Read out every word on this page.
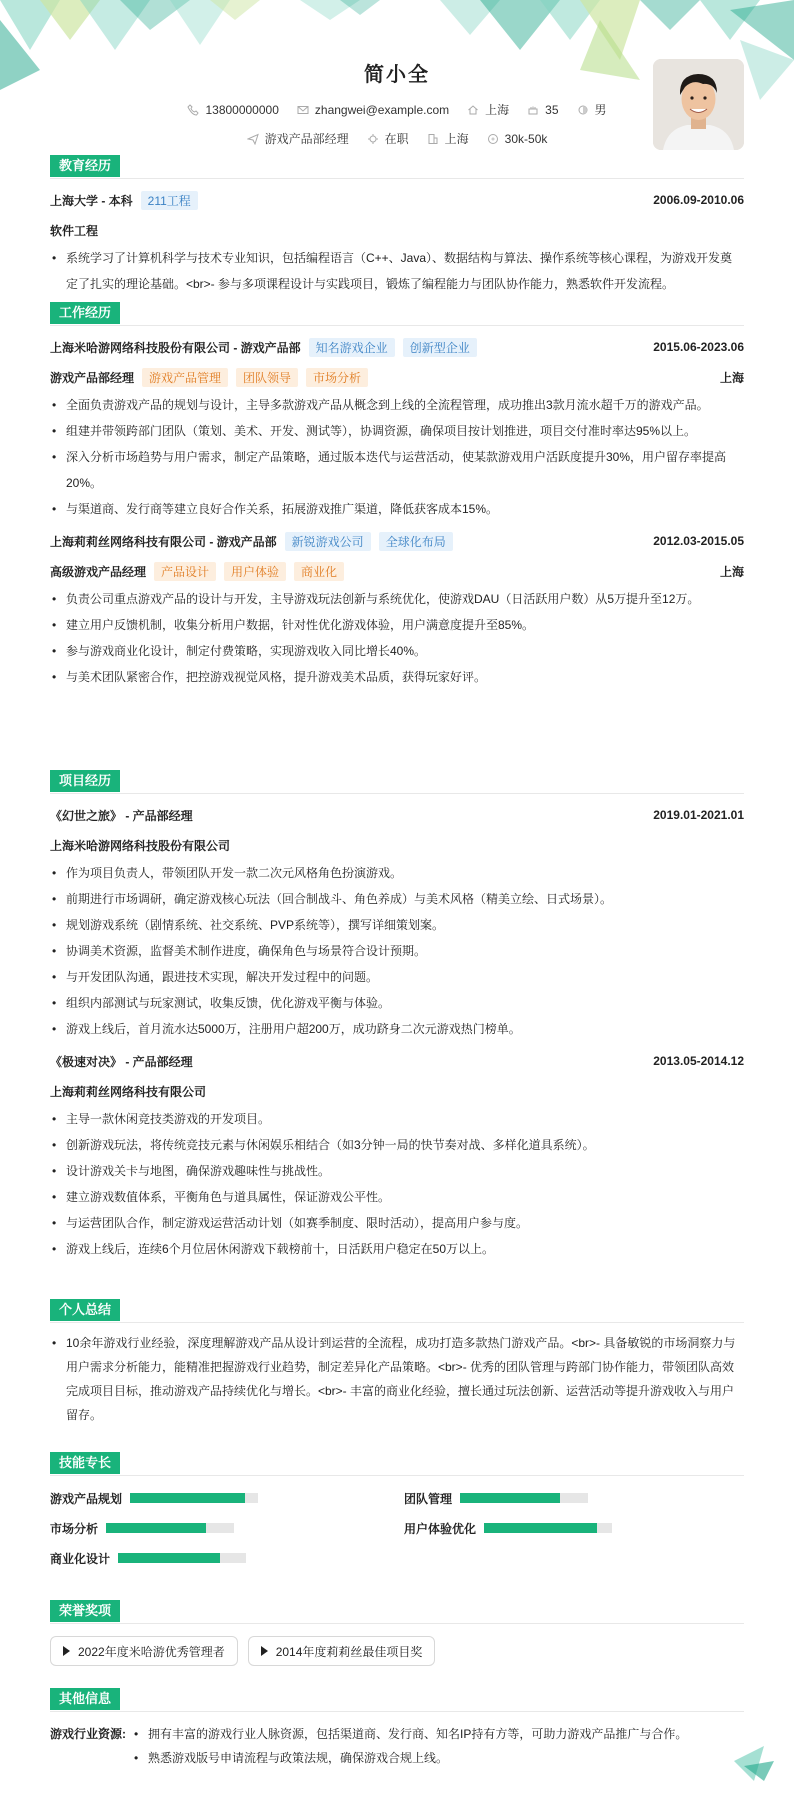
简小全
13800000000	zhangwei@example.com	上海	35	男
游戏产品部经理	在职	上海	30k-50k
教育经历
上海大学 - 本科	211工程	2006.09-2010.06
软件工程
• 系统学习了计算机科学与技术专业知识，包括编程语言（C++、Java）、数据结构与算法、操作系统等核心课程，为游戏开发奠定了扎实的理论基础。<br>- 参与多项课程设计与实践项目，锻炼了编程能力与团队协作能力，熟悉软件开发流程。
工作经历
上海米哈游网络科技股份有限公司 - 游戏产品部	知名游戏企业	创新型企业	2015.06-2023.06
游戏产品部经理	游戏产品管理	团队领导	市场分析	上海
• 全面负责游戏产品的规划与设计，主导多款游戏产品从概念到上线的全流程管理，成功推出3款月流水超千万的游戏产品。
• 组建并带领跨部门团队（策划、美术、开发、测试等），协调资源，确保项目按计划推进，项目交付准时率达95%以上。
• 深入分析市场趋势与用户需求，制定产品策略，通过版本迭代与运营活动，使某款游戏用户活跃度提升30%，用户留存率提高20%。
• 与渠道商、发行商等建立良好合作关系，拓展游戏推广渠道，降低获客成本15%。
上海莉莉丝网络科技有限公司 - 游戏产品部	新锐游戏公司	全球化布局	2012.03-2015.05
高级游戏产品经理	产品设计	用户体验	商业化	上海
• 负责公司重点游戏产品的设计与开发，主导游戏玩法创新与系统优化，使游戏DAU（日活跃用户数）从5万提升至12万。
• 建立用户反馈机制，收集分析用户数据，针对性优化游戏体验，用户满意度提升至85%。
• 参与游戏商业化设计，制定付费策略，实现游戏收入同比增长40%。
• 与美术团队紧密合作，把控游戏视觉风格，提升游戏美术品质，获得玩家好评。
项目经历
《幻世之旅》 - 产品部经理	2019.01-2021.01
上海米哈游网络科技股份有限公司
• 作为项目负责人，带领团队开发一款二次元风格角色扮演游戏。
• 前期进行市场调研，确定游戏核心玩法（回合制战斗、角色养成）与美术风格（精美立绘、日式场景）。
• 规划游戏系统（剧情系统、社交系统、PVP系统等），撰写详细策划案。
• 协调美术资源，监督美术制作进度，确保角色与场景符合设计预期。
• 与开发团队沟通，跟进技术实现，解决开发过程中的问题。
• 组织内部测试与玩家测试，收集反馈，优化游戏平衡与体验。
• 游戏上线后，首月流水达5000万，注册用户超200万，成功跻身二次元游戏热门榜单。
《极速对决》 - 产品部经理	2013.05-2014.12
上海莉莉丝网络科技有限公司
• 主导一款休闲竞技类游戏的开发项目。
• 创新游戏玩法，将传统竞技元素与休闲娱乐相结合（如3分钟一局的快节奏对战、多样化道具系统）。
• 设计游戏关卡与地图，确保游戏趣味性与挑战性。
• 建立游戏数值体系，平衡角色与道具属性，保证游戏公平性。
• 与运营团队合作，制定游戏运营活动计划（如赛季制度、限时活动），提高用户参与度。
• 游戏上线后，连续6个月位居休闲游戏下载榜前十，日活跃用户稳定在50万以上。
个人总结

• 10余年游戏行业经验，深度理解游戏产品从设计到运营的全流程，成功打造多款热门游戏产品。<br>- 具备敏锐的市场洞察力与用户需求分析能力，能精准把握游戏行业趋势，制定差异化产品策略。<br>- 优秀的团队管理与跨部门协作能力，带领团队高效完成项目目标，推动游戏产品持续优化与增长。<br>- 丰富的商业化经验，擅长通过玩法创新、运营活动等提升游戏收入与用户留存。

技能专长
游戏产品规划	团队管理
市场分析	用户体验优化
商业化设计
荣誉奖项
2022年度米哈游优秀管理者	2014年度莉莉丝最佳项目奖
其他信息
游戏行业资源:
•	拥有丰富的游戏行业人脉资源，包括渠道商、发行商、知名IP持有方等，可助力游戏产品推广与合作。
• 熟悉游戏版号申请流程与政策法规，确保游戏合规上线。
